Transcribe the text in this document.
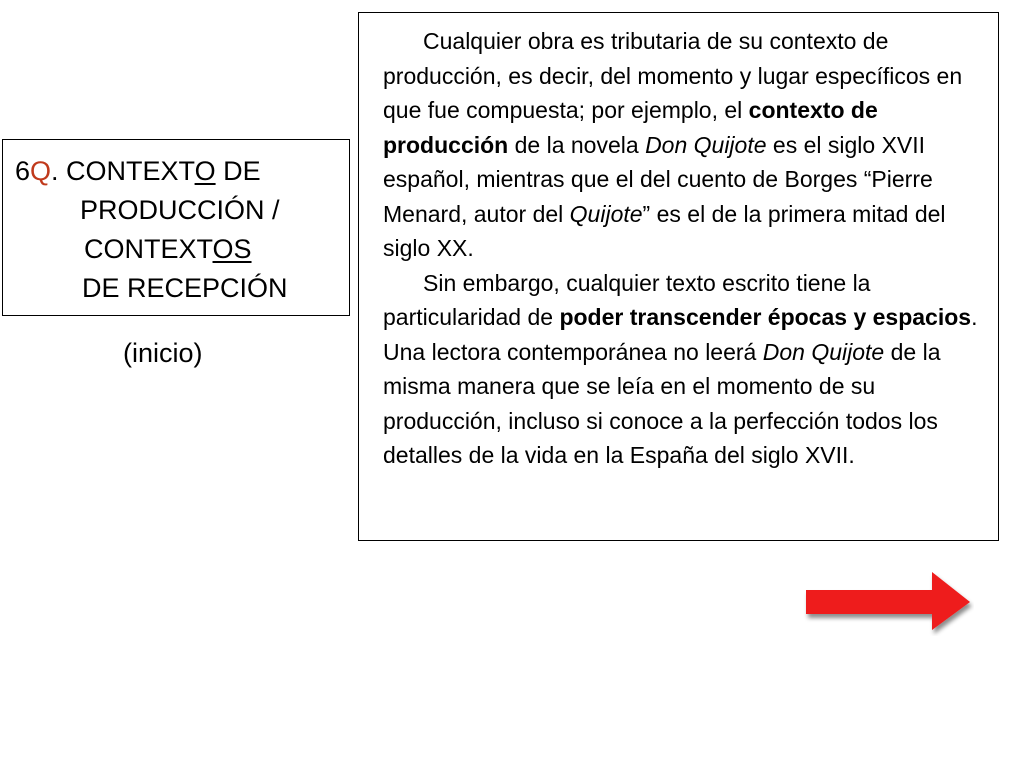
6Q. CONTEXTO DE
PRODUCCIÓN /
CONTEXTOS
DE RECEPCIÓN
(inicio)

Cualquier obra es tributaria de su contexto de producción, es decir, del momento y lugar específicos en que fue compuesta; por ejemplo, el contexto de producción de la novela Don Quijote es el siglo XVII español, mientras que el del cuento de Borges “Pierre Menard, autor del Quijote” es el de la primera mitad del siglo XX.

Sin embargo, cualquier texto escrito tiene la particularidad de poder transcender épocas y espacios. Una lectora contemporánea no leerá Don Quijote de la misma manera que se leía en el momento de su producción, incluso si conoce a la perfección todos los detalles de la vida en la España del siglo XVII.
